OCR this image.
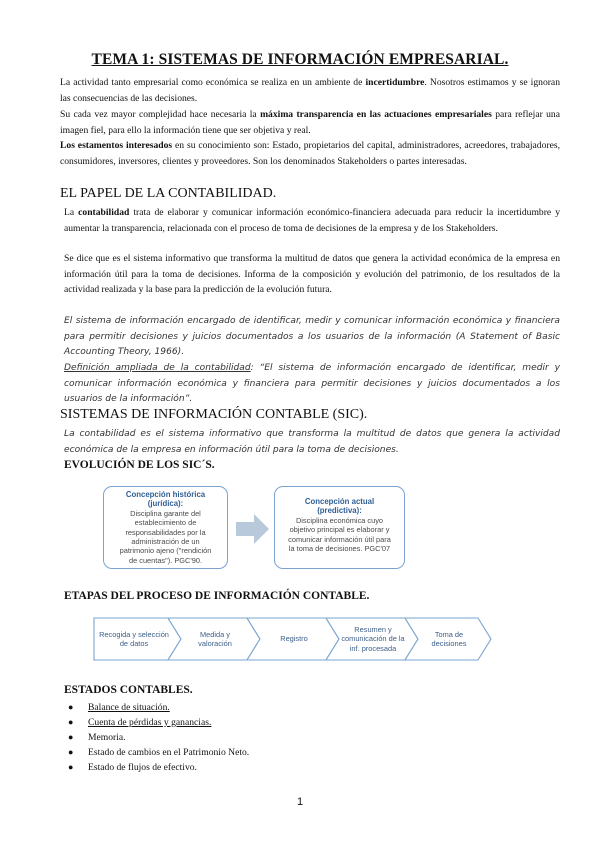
TEMA 1: SISTEMAS DE INFORMACIÓN EMPRESARIAL.

La actividad tanto empresarial como económica se realiza en un ambiente de incertidumbre. Nosotros estimamos y se ignoran las consecuencias de las decisiones.

Su cada vez mayor complejidad hace necesaria la máxima transparencia en las actuaciones empresariales para reflejar una imagen fiel, para ello la información tiene que ser objetiva y real.

Los estamentos interesados en su conocimiento son: Estado, propietarios del capital, administradores, acreedores, trabajadores, consumidores, inversores, clientes y proveedores. Son los denominados Stakeholders o partes interesadas.

EL PAPEL DE LA CONTABILIDAD.

La contabilidad trata de elaborar y comunicar información económico-financiera adecuada para reducir la incertidumbre y aumentar la transparencia, relacionada con el proceso de toma de decisiones de la empresa y de los Stakeholders.

Se dice que es el sistema informativo que transforma la multitud de datos que genera la actividad económica de la empresa en información útil para la toma de decisiones. Informa de la composición y evolución del patrimonio, de los resultados de la actividad realizada y la base para la predicción de la evolución futura.

El sistema de información encargado de identificar, medir y comunicar información económica y financiera para permitir decisiones y juicios documentados a los usuarios de la información (A Statement of Basic Accounting Theory, 1966).

Definición ampliada de la contabilidad: “El sistema de información encargado de identificar, medir y comunicar información económica y financiera para permitir decisiones y juicios documentados a los usuarios de la información”.

SISTEMAS DE INFORMACIÓN CONTABLE (SIC).

La contabilidad es el sistema informativo que transforma la multitud de datos que genera la actividad económica de la empresa en información útil para la toma de decisiones.

EVOLUCIÓN DE LOS SIC´S.
Concepción histórica (jurídica):
Disciplina garante del establecimiento de responsabilidades por la administración de un patrimonio ajeno ("rendición de cuentas"). PGC'90.
Concepción actual (predictiva):
Disciplina económica cuyo objetivo principal es elaborar y comunicar información útil para la toma de decisiones. PGC'07
ETAPAS DEL PROCESO DE INFORMACIÓN CONTABLE.
Recogida y selección de datos
Medida y valoración
Registro
Resumen y comunicación de la inf. procesada
Toma de decisiones
ESTADOS CONTABLES.
● Balance de situación.
● Cuenta de pérdidas y ganancias.
● Memoria.
● Estado de cambios en el Patrimonio Neto.
● Estado de flujos de efectivo.
1
